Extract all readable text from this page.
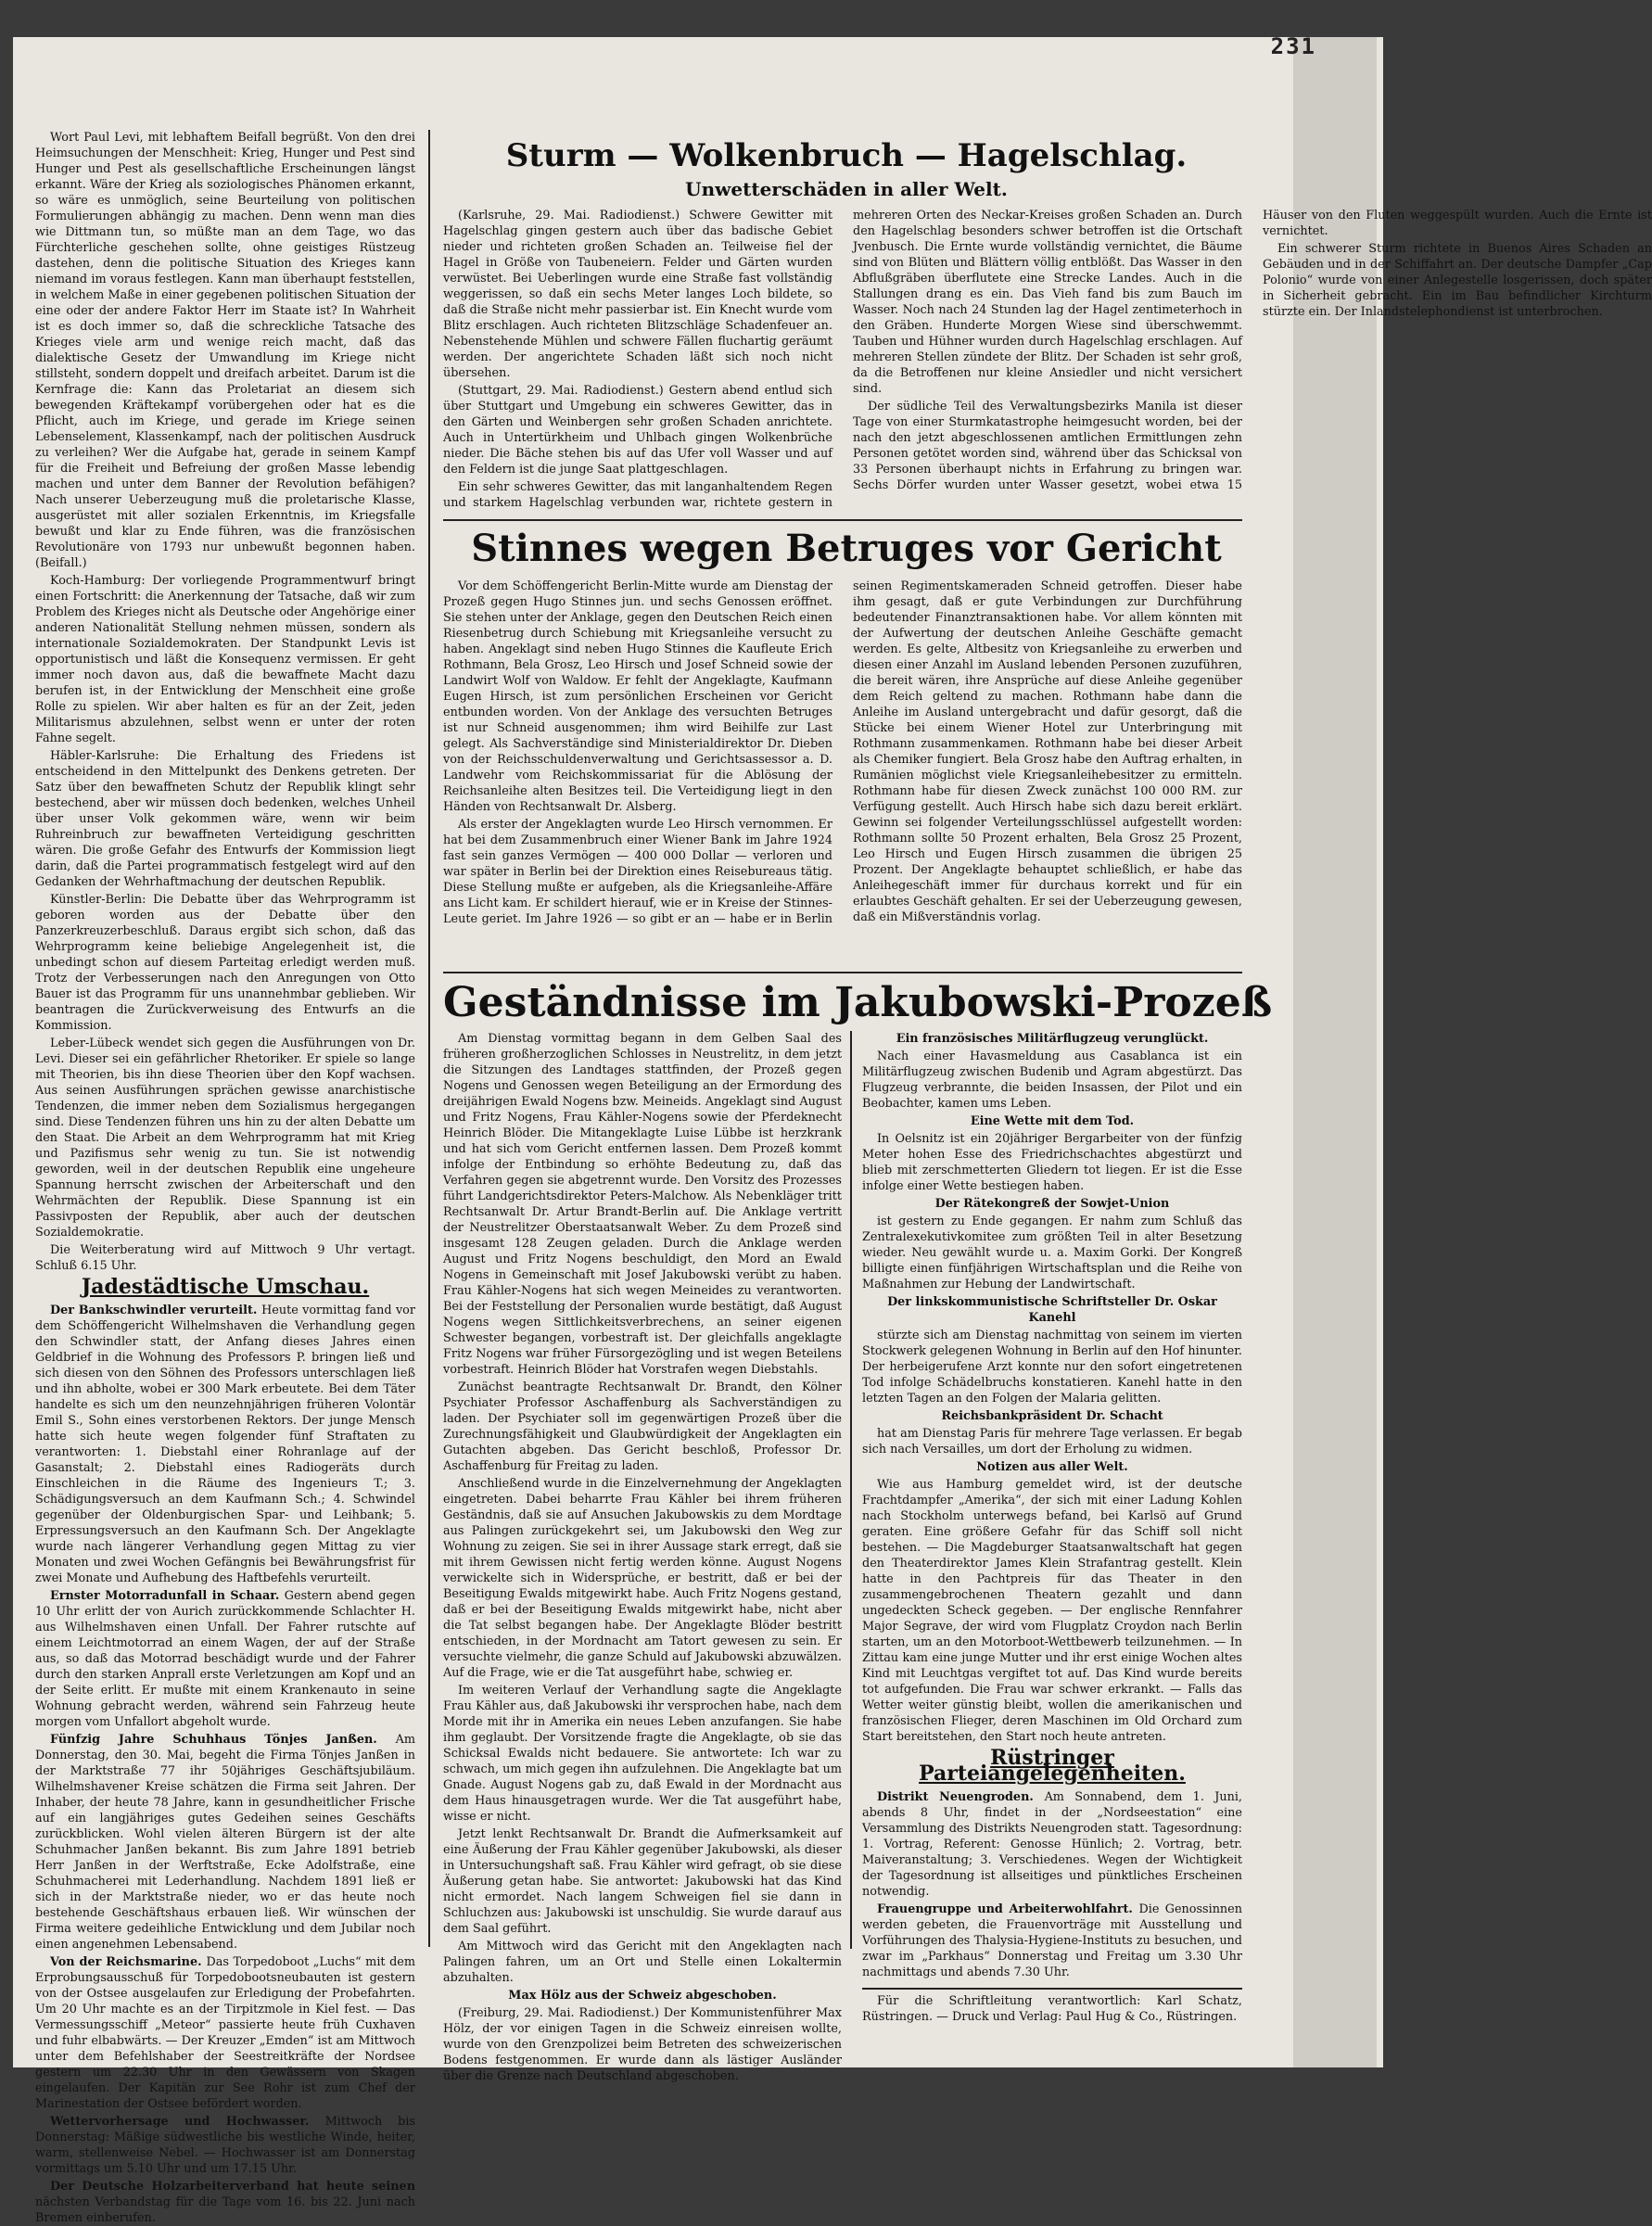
231

Wort Paul Levi, mit lebhaftem Beifall begrüßt. Von den drei Heimsuchungen der Menschheit: Krieg, Hunger und Pest sind Hunger und Pest als gesellschaftliche Erscheinungen längst erkannt. Wäre der Krieg als soziologisches Phänomen erkannt, so wäre es unmöglich, seine Beurteilung von politischen Formulierungen abhängig zu machen. Denn wenn man dies wie Dittmann tun, so müßte man an dem Tage, wo das Fürchterliche geschehen sollte, ohne geistiges Rüstzeug dastehen, denn die politische Situation des Krieges kann niemand im voraus festlegen. Kann man überhaupt feststellen, in welchem Maße in einer gegebenen politischen Situation der eine oder der andere Faktor Herr im Staate ist? In Wahrheit ist es doch immer so, daß die schreckliche Tatsache des Krieges viele arm und wenige reich macht, daß das dialektische Gesetz der Umwandlung im Kriege nicht stillsteht, sondern doppelt und dreifach arbeitet. Darum ist die Kernfrage die: Kann das Proletariat an diesem sich bewegenden Kräftekampf vorübergehen oder hat es die Pflicht, auch im Kriege, und gerade im Kriege seinen Lebenselement, Klassenkampf, nach der politischen Ausdruck zu verleihen? Wer die Aufgabe hat, gerade in seinem Kampf für die Freiheit und Befreiung der großen Masse lebendig machen und unter dem Banner der Revolution befähigen? Nach unserer Ueberzeugung muß die proletarische Klasse, ausgerüstet mit aller sozialen Erkenntnis, im Kriegsfalle bewußt und klar zu Ende führen, was die französischen Revolutionäre von 1793 nur unbewußt begonnen haben. (Beifall.)

Koch-Hamburg: Der vorliegende Programmentwurf bringt einen Fortschritt: die Anerkennung der Tatsache, daß wir zum Problem des Krieges nicht als Deutsche oder Angehörige einer anderen Nationalität Stellung nehmen müssen, sondern als internationale Sozialdemokraten. Der Standpunkt Levis ist opportunistisch und läßt die Konsequenz vermissen. Er geht immer noch davon aus, daß die bewaffnete Macht dazu berufen ist, in der Entwicklung der Menschheit eine große Rolle zu spielen. Wir aber halten es für an der Zeit, jeden Militarismus abzulehnen, selbst wenn er unter der roten Fahne segelt.

Häbler-Karlsruhe: Die Erhaltung des Friedens ist entscheidend in den Mittelpunkt des Denkens getreten. Der Satz über den bewaffneten Schutz der Republik klingt sehr bestechend, aber wir müssen doch bedenken, welches Unheil über unser Volk gekommen wäre, wenn wir beim Ruhreinbruch zur bewaffneten Verteidigung geschritten wären. Die große Gefahr des Entwurfs der Kommission liegt darin, daß die Partei programmatisch festgelegt wird auf den Gedanken der Wehrhaftmachung der deutschen Republik.

Künstler-Berlin: Die Debatte über das Wehrprogramm ist geboren worden aus der Debatte über den Panzerkreuzerbeschluß. Daraus ergibt sich schon, daß das Wehrprogramm keine beliebige Angelegenheit ist, die unbedingt schon auf diesem Parteitag erledigt werden muß. Trotz der Verbesserungen nach den Anregungen von Otto Bauer ist das Programm für uns unannehmbar geblieben. Wir beantragen die Zurückverweisung des Entwurfs an die Kommission.

Leber-Lübeck wendet sich gegen die Ausführungen von Dr. Levi. Dieser sei ein gefährlicher Rhetoriker. Er spiele so lange mit Theorien, bis ihn diese Theorien über den Kopf wachsen. Aus seinen Ausführungen sprächen gewisse anarchistische Tendenzen, die immer neben dem Sozialismus hergegangen sind. Diese Tendenzen führen uns hin zu der alten Debatte um den Staat. Die Arbeit an dem Wehrprogramm hat mit Krieg und Pazifismus sehr wenig zu tun. Sie ist notwendig geworden, weil in der deutschen Republik eine ungeheure Spannung herrscht zwischen der Arbeiterschaft und den Wehrmächten der Republik. Diese Spannung ist ein Passivposten der Republik, aber auch der deutschen Sozialdemokratie.

Die Weiterberatung wird auf Mittwoch 9 Uhr vertagt. Schluß 6.15 Uhr.

Jadestädtische Umschau.

Der Bankschwindler verurteilt. Heute vormittag fand vor dem Schöffengericht Wilhelmshaven die Verhandlung gegen den Schwindler statt, der Anfang dieses Jahres einen Geldbrief in die Wohnung des Professors P. bringen ließ und sich diesen von den Söhnen des Professors unterschlagen ließ und ihn abholte, wobei er 300 Mark erbeutete. Bei dem Täter handelte es sich um den neunzehnjährigen früheren Volontär Emil S., Sohn eines verstorbenen Rektors. Der junge Mensch hatte sich heute wegen folgender fünf Straftaten zu verantworten: 1. Diebstahl einer Rohranlage auf der Gasanstalt; 2. Diebstahl eines Radiogeräts durch Einschleichen in die Räume des Ingenieurs T.; 3. Schädigungsversuch an dem Kaufmann Sch.; 4. Schwindel gegenüber der Oldenburgischen Spar- und Leihbank; 5. Erpressungsversuch an den Kaufmann Sch. Der Angeklagte wurde nach längerer Verhandlung gegen Mittag zu vier Monaten und zwei Wochen Gefängnis bei Bewährungsfrist für zwei Monate und Aufhebung des Haftbefehls verurteilt.

Ernster Motorradunfall in Schaar. Gestern abend gegen 10 Uhr erlitt der von Aurich zurückkommende Schlachter H. aus Wilhelmshaven einen Unfall. Der Fahrer rutschte auf einem Leichtmotorrad an einem Wagen, der auf der Straße aus, so daß das Motorrad beschädigt wurde und der Fahrer durch den starken Anprall erste Verletzungen am Kopf und an der Seite erlitt. Er mußte mit einem Krankenauto in seine Wohnung gebracht werden, während sein Fahrzeug heute morgen vom Unfallort abgeholt wurde.

Fünfzig Jahre Schuhhaus Tönjes Janßen. Am Donnerstag, den 30. Mai, begeht die Firma Tönjes Janßen in der Marktstraße 77 ihr 50jähriges Geschäftsjubiläum. Wilhelmshavener Kreise schätzen die Firma seit Jahren. Der Inhaber, der heute 78 Jahre, kann in gesundheitlicher Frische auf ein langjähriges gutes Gedeihen seines Geschäfts zurückblicken. Wohl vielen älteren Bürgern ist der alte Schuhmacher Janßen bekannt. Bis zum Jahre 1891 betrieb Herr Janßen in der Werftstraße, Ecke Adolfstraße, eine Schuhmacherei mit Lederhandlung. Nachdem 1891 ließ er sich in der Marktstraße nieder, wo er das heute noch bestehende Geschäftshaus erbauen ließ. Wir wünschen der Firma weitere gedeihliche Entwicklung und dem Jubilar noch einen angenehmen Lebensabend.

Von der Reichsmarine. Das Torpedoboot „Luchs“ mit dem Erprobungsausschuß für Torpedobootsneubauten ist gestern von der Ostsee ausgelaufen zur Erledigung der Probefahrten. Um 20 Uhr machte es an der Tirpitzmole in Kiel fest. — Das Vermessungsschiff „Meteor“ passierte heute früh Cuxhaven und fuhr elbabwärts. — Der Kreuzer „Emden“ ist am Mittwoch unter dem Befehlshaber der Seestreitkräfte der Nordsee gestern um 22.30 Uhr in den Gewässern von Skagen eingelaufen. Der Kapitän zur See Rohr ist zum Chef der Marinestation der Ostsee befördert worden.

Wettervorhersage und Hochwasser. Mittwoch bis Donnerstag: Mäßige südwestliche bis westliche Winde, heiter, warm, stellenweise Nebel. — Hochwasser ist am Donnerstag vormittags um 5.10 Uhr und um 17.15 Uhr.

Der Deutsche Holzarbeiterverband hat heute seinen nächsten Verbandstag für die Tage vom 16. bis 22. Juni nach Bremen einberufen.

Sturm — Wolkenbruch — Hagelschlag.
Unwetterschäden in aller Welt.

(Karlsruhe, 29. Mai. Radiodienst.) Schwere Gewitter mit Hagelschlag gingen gestern auch über das badische Gebiet nieder und richteten großen Schaden an. Teilweise fiel der Hagel in Größe von Taubeneiern. Felder und Gärten wurden verwüstet. Bei Ueberlingen wurde eine Straße fast vollständig weggerissen, so daß ein sechs Meter langes Loch bildete, so daß die Straße nicht mehr passierbar ist. Ein Knecht wurde vom Blitz erschlagen. Auch richteten Blitzschläge Schadenfeuer an. Nebenstehende Mühlen und schwere Fällen fluchartig geräumt werden. Der angerichtete Schaden läßt sich noch nicht übersehen.

(Stuttgart, 29. Mai. Radiodienst.) Gestern abend entlud sich über Stuttgart und Umgebung ein schweres Gewitter, das in den Gärten und Weinbergen sehr großen Schaden anrichtete. Auch in Untertürkheim und Uhlbach gingen Wolkenbrüche nieder. Die Bäche stehen bis auf das Ufer voll Wasser und auf den Feldern ist die junge Saat plattgeschlagen.

Ein sehr schweres Gewitter, das mit langanhaltendem Regen und starkem Hagelschlag verbunden war, richtete gestern in mehreren Orten des Neckar-Kreises großen Schaden an. Durch den Hagelschlag besonders schwer betroffen ist die Ortschaft Jvenbusch. Die Ernte wurde vollständig vernichtet, die Bäume sind von Blüten und Blättern völlig entblößt. Das Wasser in den Abflußgräben überflutete eine Strecke Landes. Auch in die Stallungen drang es ein. Das Vieh fand bis zum Bauch im Wasser. Noch nach 24 Stunden lag der Hagel zentimeterhoch in den Gräben. Hunderte Morgen Wiese sind überschwemmt. Tauben und Hühner wurden durch Hagelschlag erschlagen. Auf mehreren Stellen zündete der Blitz. Der Schaden ist sehr groß, da die Betroffenen nur kleine Ansiedler und nicht versichert sind.

Der südliche Teil des Verwaltungsbezirks Manila ist dieser Tage von einer Sturmkatastrophe heimgesucht worden, bei der nach den jetzt abgeschlossenen amtlichen Ermittlungen zehn Personen getötet worden sind, während über das Schicksal von 33 Personen überhaupt nichts in Erfahrung zu bringen war. Sechs Dörfer wurden unter Wasser gesetzt, wobei etwa 15 Häuser von den Fluten weggespült wurden. Auch die Ernte ist vernichtet.

Ein schwerer Sturm richtete in Buenos Aires Schaden an Gebäuden und in der Schiffahrt an. Der deutsche Dampfer „Cap Polonio“ wurde von einer Anlegestelle losgerissen, doch später in Sicherheit gebracht. Ein im Bau befindlicher Kirchturm stürzte ein. Der Inlandstelephondienst ist unterbrochen.

Stinnes wegen Betruges vor Gericht

Vor dem Schöffengericht Berlin-Mitte wurde am Dienstag der Prozeß gegen Hugo Stinnes jun. und sechs Genossen eröffnet. Sie stehen unter der Anklage, gegen den Deutschen Reich einen Riesenbetrug durch Schiebung mit Kriegsanleihe versucht zu haben. Angeklagt sind neben Hugo Stinnes die Kaufleute Erich Rothmann, Bela Grosz, Leo Hirsch und Josef Schneid sowie der Landwirt Wolf von Waldow. Er fehlt der Angeklagte, Kaufmann Eugen Hirsch, ist zum persönlichen Erscheinen vor Gericht entbunden worden. Von der Anklage des versuchten Betruges ist nur Schneid ausgenommen; ihm wird Beihilfe zur Last gelegt. Als Sachverständige sind Ministerialdirektor Dr. Dieben von der Reichsschuldenverwaltung und Gerichtsassessor a. D. Landwehr vom Reichskommissariat für die Ablösung der Reichsanleihe alten Besitzes teil. Die Verteidigung liegt in den Händen von Rechtsanwalt Dr. Alsberg.

Als erster der Angeklagten wurde Leo Hirsch vernommen. Er hat bei dem Zusammenbruch einer Wiener Bank im Jahre 1924 fast sein ganzes Vermögen — 400 000 Dollar — verloren und war später in Berlin bei der Direktion eines Reisebureaus tätig. Diese Stellung mußte er aufgeben, als die Kriegsanleihe-Affäre ans Licht kam. Er schildert hierauf, wie er in Kreise der Stinnes-Leute geriet. Im Jahre 1926 — so gibt er an — habe er in Berlin seinen Regimentskameraden Schneid getroffen. Dieser habe ihm gesagt, daß er gute Verbindungen zur Durchführung bedeutender Finanztransaktionen habe. Vor allem könnten mit der Aufwertung der deutschen Anleihe Geschäfte gemacht werden. Es gelte, Altbesitz von Kriegsanleihe zu erwerben und diesen einer Anzahl im Ausland lebenden Personen zuzuführen, die bereit wären, ihre Ansprüche auf diese Anleihe gegenüber dem Reich geltend zu machen. Rothmann habe dann die Anleihe im Ausland untergebracht und dafür gesorgt, daß die Stücke bei einem Wiener Hotel zur Unterbringung mit Rothmann zusammenkamen. Rothmann habe bei dieser Arbeit als Chemiker fungiert. Bela Grosz habe den Auftrag erhalten, in Rumänien möglichst viele Kriegsanleihebesitzer zu ermitteln. Rothmann habe für diesen Zweck zunächst 100 000 RM. zur Verfügung gestellt. Auch Hirsch habe sich dazu bereit erklärt. Gewinn sei folgender Verteilungsschlüssel aufgestellt worden: Rothmann sollte 50 Prozent erhalten, Bela Grosz 25 Prozent, Leo Hirsch und Eugen Hirsch zusammen die übrigen 25 Prozent. Der Angeklagte behauptet schließlich, er habe das Anleihegeschäft immer für durchaus korrekt und für ein erlaubtes Geschäft gehalten. Er sei der Ueberzeugung gewesen, daß ein Mißverständnis vorlag.

Geständnisse im Jakubowski-Prozeß

Am Dienstag vormittag begann in dem Gelben Saal des früheren großherzoglichen Schlosses in Neustrelitz, in dem jetzt die Sitzungen des Landtages stattfinden, der Prozeß gegen Nogens und Genossen wegen Beteiligung an der Ermordung des dreijährigen Ewald Nogens bzw. Meineids. Angeklagt sind August und Fritz Nogens, Frau Kähler-Nogens sowie der Pferdeknecht Heinrich Blöder. Die Mitangeklagte Luise Lübbe ist herzkrank und hat sich vom Gericht entfernen lassen. Dem Prozeß kommt infolge der Entbindung so erhöhte Bedeutung zu, daß das Verfahren gegen sie abgetrennt wurde. Den Vorsitz des Prozesses führt Landgerichtsdirektor Peters-Malchow. Als Nebenkläger tritt Rechtsanwalt Dr. Artur Brandt-Berlin auf. Die Anklage vertritt der Neustrelitzer Oberstaatsanwalt Weber. Zu dem Prozeß sind insgesamt 128 Zeugen geladen. Durch die Anklage werden August und Fritz Nogens beschuldigt, den Mord an Ewald Nogens in Gemeinschaft mit Josef Jakubowski verübt zu haben. Frau Kähler-Nogens hat sich wegen Meineides zu verantworten. Bei der Feststellung der Personalien wurde bestätigt, daß August Nogens wegen Sittlichkeitsverbrechens, an seiner eigenen Schwester begangen, vorbestraft ist. Der gleichfalls angeklagte Fritz Nogens war früher Fürsorgezögling und ist wegen Beteilens vorbestraft. Heinrich Blöder hat Vorstrafen wegen Diebstahls.

Zunächst beantragte Rechtsanwalt Dr. Brandt, den Kölner Psychiater Professor Aschaffenburg als Sachverständigen zu laden. Der Psychiater soll im gegenwärtigen Prozeß über die Zurechnungsfähigkeit und Glaubwürdigkeit der Angeklagten ein Gutachten abgeben. Das Gericht beschloß, Professor Dr. Aschaffenburg für Freitag zu laden.

Anschließend wurde in die Einzelvernehmung der Angeklagten eingetreten. Dabei beharrte Frau Kähler bei ihrem früheren Geständnis, daß sie auf Ansuchen Jakubowskis zu dem Mordtage aus Palingen zurückgekehrt sei, um Jakubowski den Weg zur Wohnung zu zeigen. Sie sei in ihrer Aussage stark erregt, daß sie mit ihrem Gewissen nicht fertig werden könne. August Nogens verwickelte sich in Widersprüche, er bestritt, daß er bei der Beseitigung Ewalds mitgewirkt habe. Auch Fritz Nogens gestand, daß er bei der Beseitigung Ewalds mitgewirkt habe, nicht aber die Tat selbst begangen habe. Der Angeklagte Blöder bestritt entschieden, in der Mordnacht am Tatort gewesen zu sein. Er versuchte vielmehr, die ganze Schuld auf Jakubowski abzuwälzen. Auf die Frage, wie er die Tat ausgeführt habe, schwieg er.

Im weiteren Verlauf der Verhandlung sagte die Angeklagte Frau Kähler aus, daß Jakubowski ihr versprochen habe, nach dem Morde mit ihr in Amerika ein neues Leben anzufangen. Sie habe ihm geglaubt. Der Vorsitzende fragte die Angeklagte, ob sie das Schicksal Ewalds nicht bedauere. Sie antwortete: Ich war zu schwach, um mich gegen ihn aufzulehnen. Die Angeklagte bat um Gnade. August Nogens gab zu, daß Ewald in der Mordnacht aus dem Haus hinausgetragen wurde. Wer die Tat ausgeführt habe, wisse er nicht.

Jetzt lenkt Rechtsanwalt Dr. Brandt die Aufmerksamkeit auf eine Äußerung der Frau Kähler gegenüber Jakubowski, als dieser in Untersuchungshaft saß. Frau Kähler wird gefragt, ob sie diese Äußerung getan habe. Sie antwortet: Jakubowski hat das Kind nicht ermordet. Nach langem Schweigen fiel sie dann in Schluchzen aus: Jakubowski ist unschuldig. Sie wurde darauf aus dem Saal geführt.

Am Mittwoch wird das Gericht mit den Angeklagten nach Palingen fahren, um an Ort und Stelle einen Lokaltermin abzuhalten.

Max Hölz aus der Schweiz abgeschoben.

(Freiburg, 29. Mai. Radiodienst.) Der Kommunistenführer Max Hölz, der vor einigen Tagen in die Schweiz einreisen wollte, wurde von den Grenzpolizei beim Betreten des schweizerischen Bodens festgenommen. Er wurde dann als lästiger Ausländer über die Grenze nach Deutschland abgeschoben.

Ein französisches Militärflugzeug verunglückt.

Nach einer Havasmeldung aus Casablanca ist ein Militärflugzeug zwischen Budenib und Agram abgestürzt. Das Flugzeug verbrannte, die beiden Insassen, der Pilot und ein Beobachter, kamen ums Leben.

Eine Wette mit dem Tod.

In Oelsnitz ist ein 20jähriger Bergarbeiter von der fünfzig Meter hohen Esse des Friedrichschachtes abgestürzt und blieb mit zerschmetterten Gliedern tot liegen. Er ist die Esse infolge einer Wette bestiegen haben.

Der Rätekongreß der Sowjet-Union

ist gestern zu Ende gegangen. Er nahm zum Schluß das Zentralexekutivkomitee zum größten Teil in alter Besetzung wieder. Neu gewählt wurde u. a. Maxim Gorki. Der Kongreß billigte einen fünfjährigen Wirtschaftsplan und die Reihe von Maßnahmen zur Hebung der Landwirtschaft.

Der linkskommunistische Schriftsteller Dr. Oskar Kanehl

stürzte sich am Dienstag nachmittag von seinem im vierten Stockwerk gelegenen Wohnung in Berlin auf den Hof hinunter. Der herbeigerufene Arzt konnte nur den sofort eingetretenen Tod infolge Schädelbruchs konstatieren. Kanehl hatte in den letzten Tagen an den Folgen der Malaria gelitten.

Reichsbankpräsident Dr. Schacht

hat am Dienstag Paris für mehrere Tage verlassen. Er begab sich nach Versailles, um dort der Erholung zu widmen.

Notizen aus aller Welt.

Wie aus Hamburg gemeldet wird, ist der deutsche Frachtdampfer „Amerika“, der sich mit einer Ladung Kohlen nach Stockholm unterwegs befand, bei Karlsö auf Grund geraten. Eine größere Gefahr für das Schiff soll nicht bestehen. — Die Magdeburger Staatsanwaltschaft hat gegen den Theaterdirektor James Klein Strafantrag gestellt. Klein hatte in den Pachtpreis für das Theater in den zusammengebrochenen Theatern gezahlt und dann ungedeckten Scheck gegeben. — Der englische Rennfahrer Major Segrave, der wird vom Flugplatz Croydon nach Berlin starten, um an den Motorboot-Wettbewerb teilzunehmen. — In Zittau kam eine junge Mutter und ihr erst einige Wochen altes Kind mit Leuchtgas vergiftet tot auf. Das Kind wurde bereits tot aufgefunden. Die Frau war schwer erkrankt. — Falls das Wetter weiter günstig bleibt, wollen die amerikanischen und französischen Flieger, deren Maschinen im Old Orchard zum Start bereitstehen, den Start noch heute antreten.

Rüstringer Parteiangelegenheiten.

Distrikt Neuengroden. Am Sonnabend, dem 1. Juni, abends 8 Uhr, findet in der „Nordseestation“ eine Versammlung des Distrikts Neuengroden statt. Tagesordnung: 1. Vortrag, Referent: Genosse Hünlich; 2. Vortrag, betr. Maiveranstaltung; 3. Verschiedenes. Wegen der Wichtigkeit der Tagesordnung ist allseitiges und pünktliches Erscheinen notwendig.

Frauengruppe und Arbeiterwohlfahrt. Die Genossinnen werden gebeten, die Frauenvorträge mit Ausstellung und Vorführungen des Thalysia-Hygiene-Instituts zu besuchen, und zwar im „Parkhaus“ Donnerstag und Freitag um 3.30 Uhr nachmittags und abends 7.30 Uhr.

Für die Schriftleitung verantwortlich: Karl Schatz, Rüstringen. — Druck und Verlag: Paul Hug & Co., Rüstringen.
